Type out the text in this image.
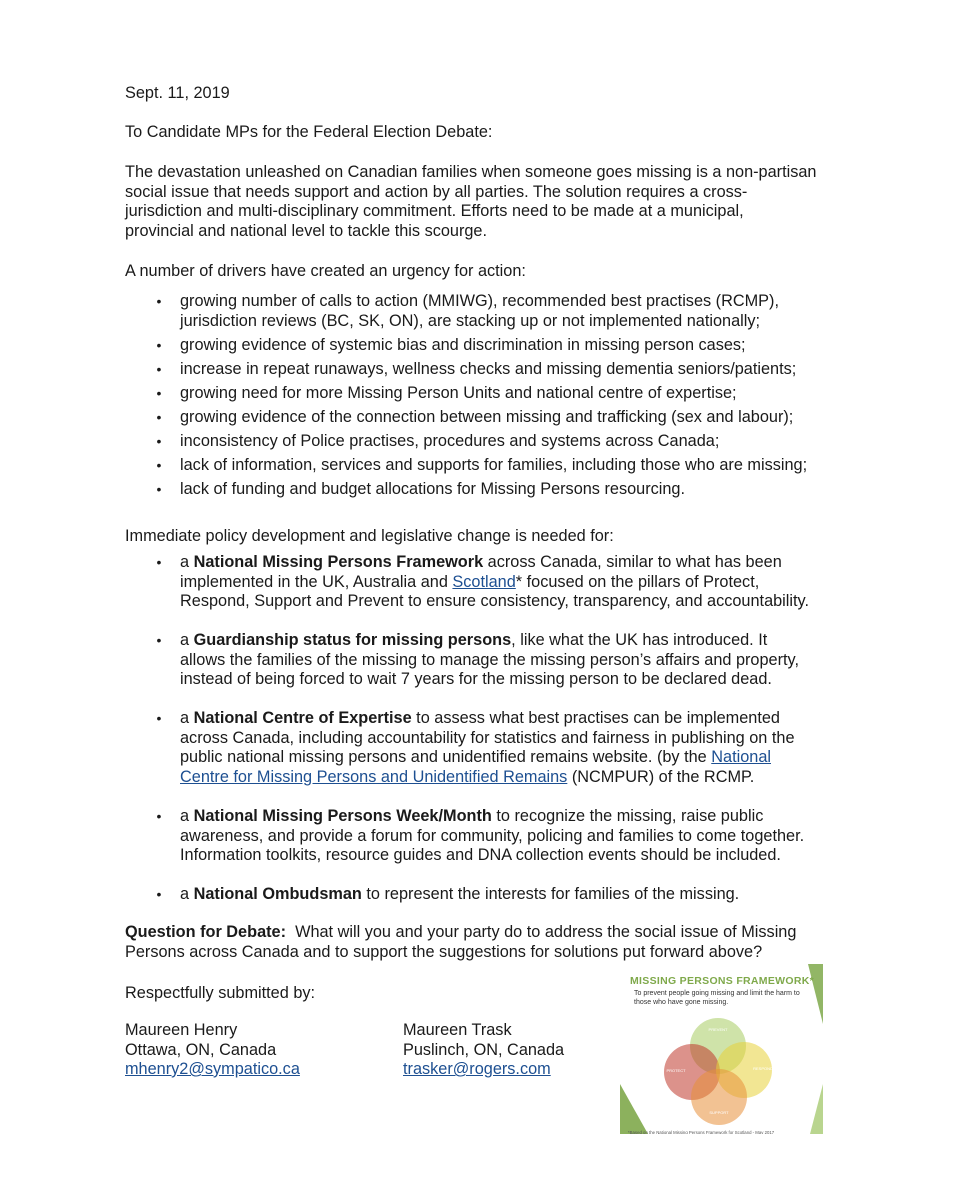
Sept. 11, 2019
To Candidate MPs for the Federal Election Debate:
The devastation unleashed on Canadian families when someone goes missing is a non-partisan
social issue that needs support and action by all parties. The solution requires a cross-
jurisdiction and multi-disciplinary commitment. Efforts need to be made at a municipal,
provincial and national level to tackle this scourge.
A number of drivers have created an urgency for action:
• growing number of calls to action (MMIWG), recommended best practises (RCMP),
jurisdiction reviews (BC, SK, ON), are stacking up or not implemented nationally;
• growing evidence of systemic bias and discrimination in missing person cases;
• increase in repeat runaways, wellness checks and missing dementia seniors/patients;
• growing need for more Missing Person Units and national centre of expertise;
• growing evidence of the connection between missing and trafficking (sex and labour);
• inconsistency of Police practises, procedures and systems across Canada;
• lack of information, services and supports for families, including those who are missing;
• lack of funding and budget allocations for Missing Persons resourcing.
Immediate policy development and legislative change is needed for:
• a National Missing Persons Framework across Canada, similar to what has been
implemented in the UK, Australia and Scotland* focused on the pillars of Protect,
Respond, Support and Prevent to ensure consistency, transparency, and accountability.
• a Guardianship status for missing persons, like what the UK has introduced. It
allows the families of the missing to manage the missing person’s affairs and property,
instead of being forced to wait 7 years for the missing person to be declared dead.
• a National Centre of Expertise to assess what best practises can be implemented
across Canada, including accountability for statistics and fairness in publishing on the
public national missing persons and unidentified remains website. (by the National
Centre for Missing Persons and Unidentified Remains (NCMPUR) of the RCMP.
• a National Missing Persons Week/Month to recognize the missing, raise public
awareness, and provide a forum for community, policing and families to come together.
Information toolkits, resource guides and DNA collection events should be included.
• a National Ombudsman to represent the interests for families of the missing.
Question for Debate:  What will you and your party do to address the social issue of Missing
Persons across Canada and to support the suggestions for solutions put forward above?
Respectfully submitted by:
Maureen Henry
Ottawa, ON, Canada
mhenry2@sympatico.ca
Maureen Trask
Puslinch, ON, Canada
trasker@rogers.com
PREVENT
PROTECT	RESPOND
SUPPORT
MISSING PERSONS FRAMEWORK*
To prevent people going missing and limit the harm to those who have gone missing.
*Based on the National Missing Persons Framework for Scotland - May 2017
